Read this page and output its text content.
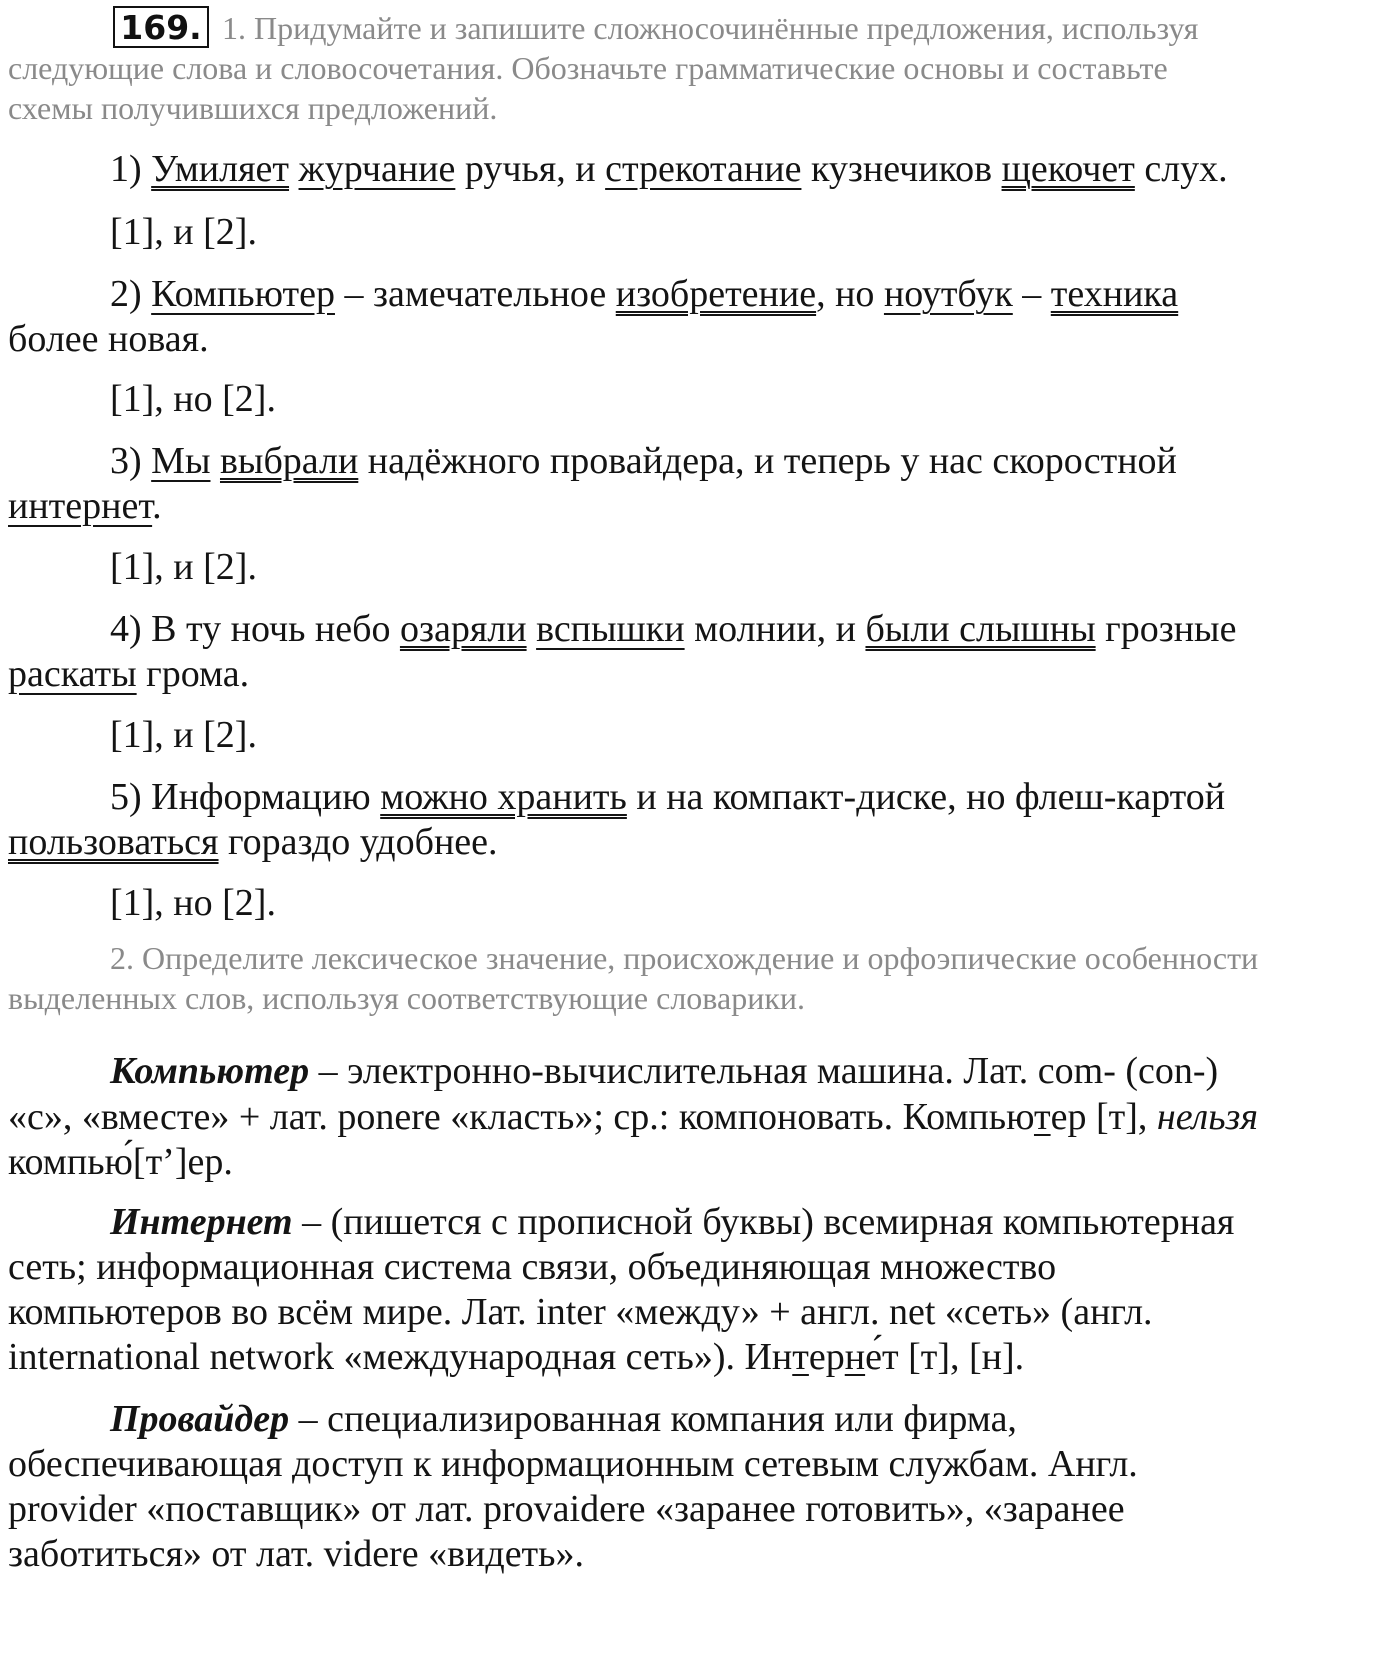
169. 1. Придумайте и запишите сложносочинённые предложения, используя
следующие слова и словосочетания. Обозначьте грамматические основы и составьте
схемы получившихся предложений.
1) Умиляет журчание ручья, и стрекотание кузнечиков щекочет слух.
[1], и [2].
2) Компьютер – замечательное изобретение, но ноутбук – техника
более новая.
[1], но [2].
3) Мы выбрали надёжного провайдера, и теперь у нас скоростной
интернет.
[1], и [2].
4) В ту ночь небо озаряли вспышки молнии, и были слышны грозные
раскаты грома.
[1], и [2].
5) Информацию можно хранить и на компакт-диске, но флеш-картой
пользоваться гораздо удобнее.
[1], но [2].
2. Определите лексическое значение, происхождение и орфоэпические особенности
выделенных слов, используя соответствующие словарики.
Компьютер – электронно-вычислительная машина. Лат. com- (con-)
«с», «вместе» + лат. ponere «класть»; ср.: компоновать. Компьютер [т], нельзя
компью́[т’]ер.
Интернет – (пишется с прописной буквы) всемирная компьютерная
сеть; информационная система связи, объединяющая множество
компьютеров во всём мире. Лат. inter «между» + англ. net «сеть» (англ.
international network «международная сеть»). Интерне́т [т], [н].
Провайдер – специализированная компания или фирма,
обеспечивающая доступ к информационным сетевым службам. Англ.
provider «поставщик» от лат. provaidere «заранее готовить», «заранее
заботиться» от лат. videre «видеть».
